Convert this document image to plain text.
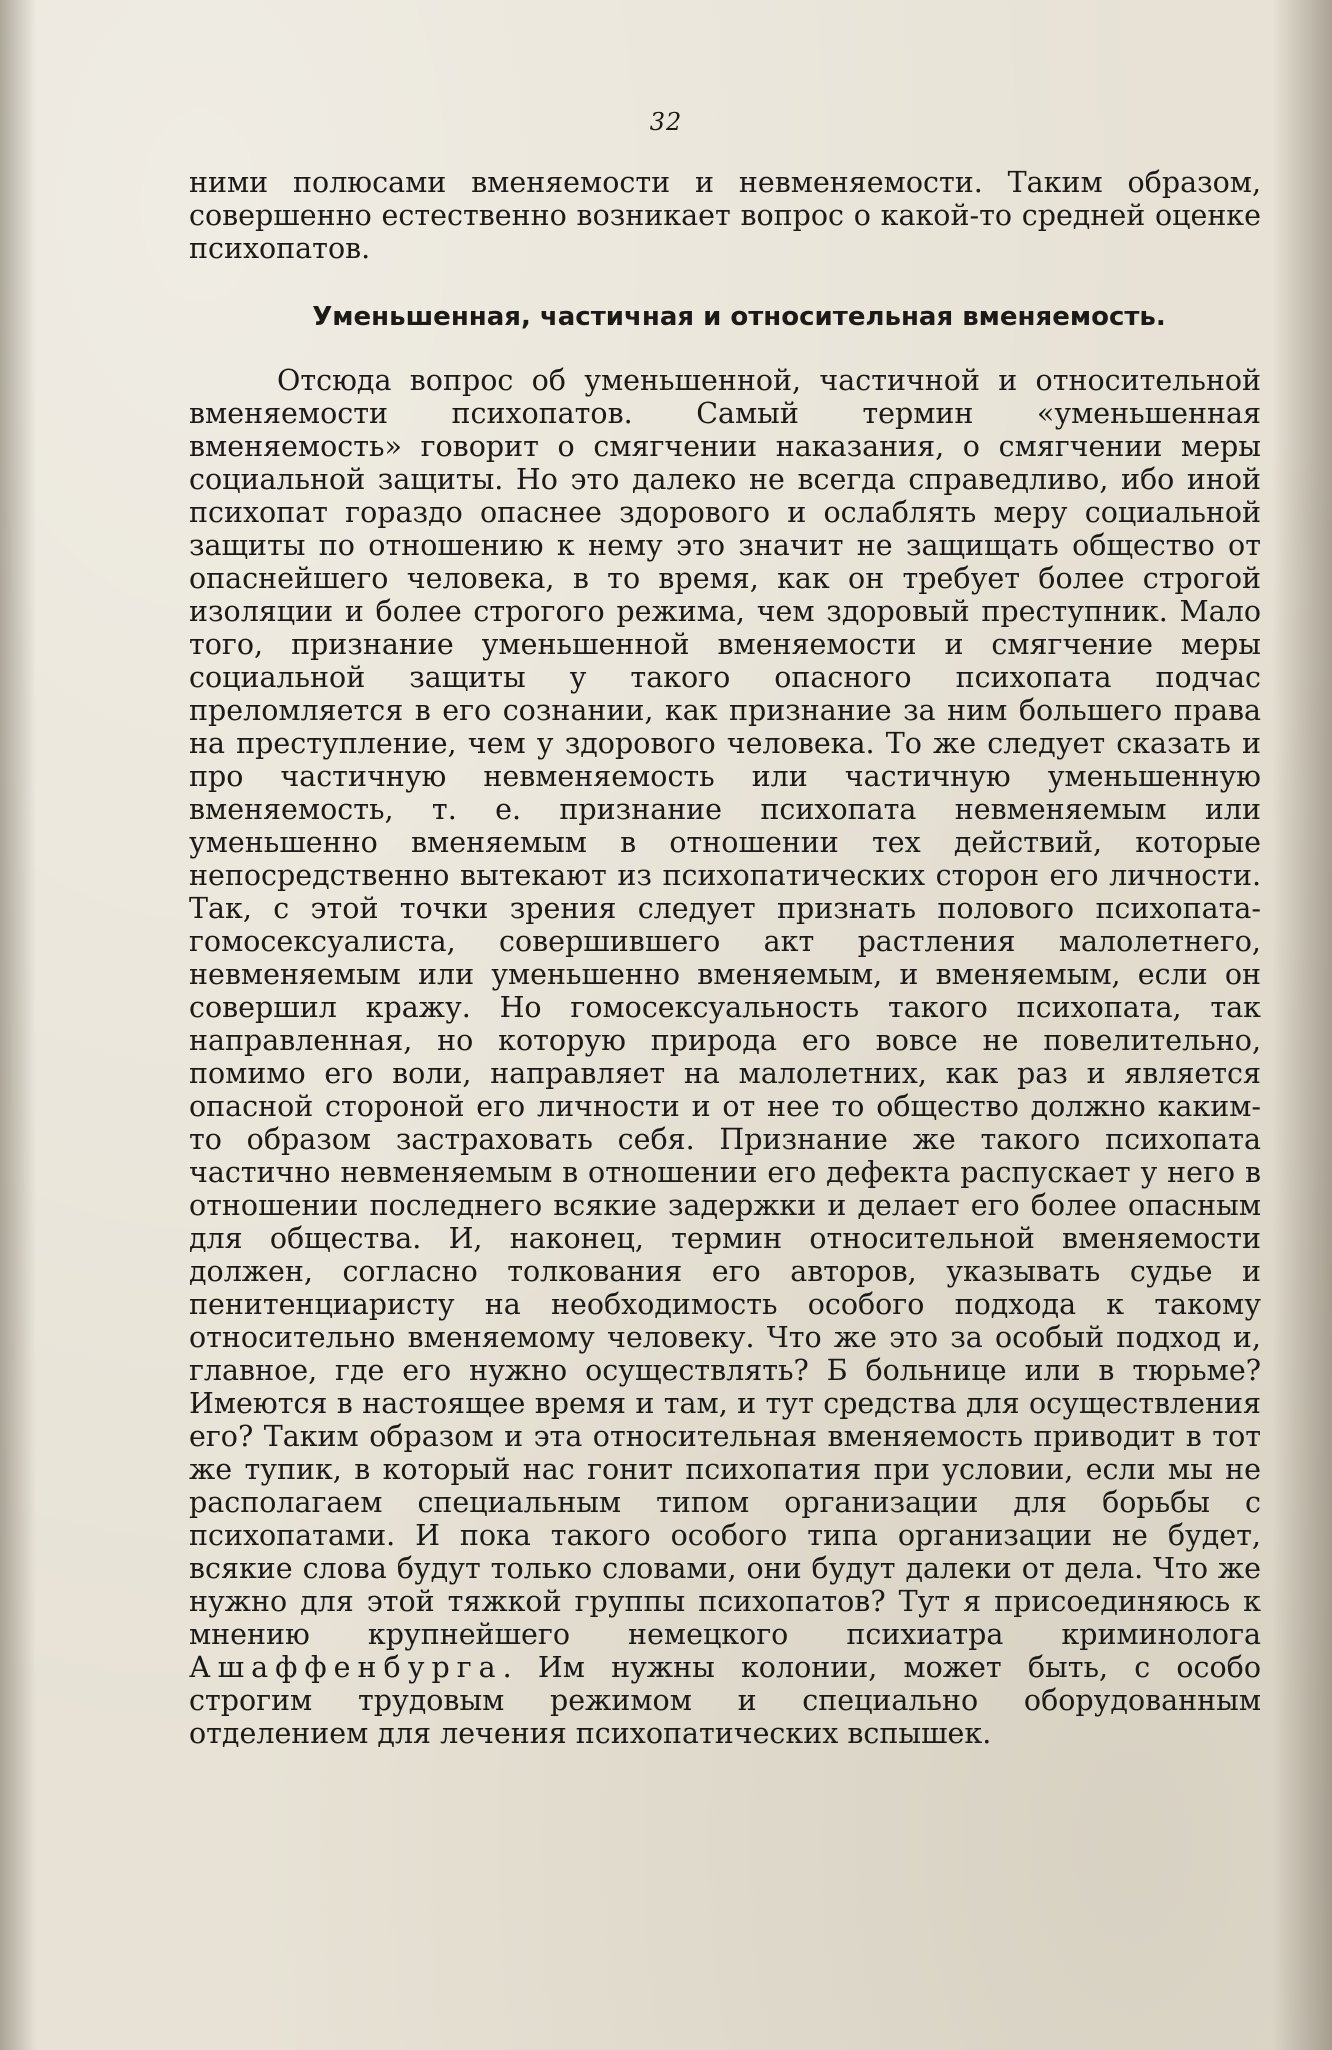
32

ними полюсами вменяемости и невменяемости. Таким образом, совершенно естественно возникает вопрос о какой-то средней оценке психопатов.

Уменьшенная, частичная и относительная вменяемость.

Отсюда вопрос об уменьшенной, частичной и относительной вменяемости психопатов. Самый термин «уменьшенная вменяемость» говорит о смягчении наказания, о смягчении меры социальной защиты. Но это далеко не всегда справедливо, ибо иной психопат гораздо опаснее здорового и ослаблять меру социальной защиты по отношению к нему это значит не защищать общество от опаснейшего человека, в то время, как он требует более строгой изоляции и более строгого режима, чем здоровый преступник. Мало того, признание уменьшенной вменяемости и смягчение меры социальной защиты у такого опасного психопата подчас преломляется в его сознании, как признание за ним большего права на преступление, чем у здорового человека. То же следует сказать и про частичную невменяемость или частичную уменьшенную вменяемость, т. е. признание психопата невменяемым или уменьшенно вменяемым в отношении тех действий, которые непосредственно вытекают из психопатических сторон его личности. Так, с этой точки зрения следует признать полового психопата-гомосексуалиста, совершившего акт растления малолетнего, невменяемым или уменьшенно вменяемым, и вменяемым, если он совершил кражу. Но гомосексуальность такого психопата, так направленная, но которую природа его вовсе не повелительно, помимо его воли, направляет на малолетних, как раз и является опасной стороной его личности и от нее то общество должно каким-то образом застраховать себя. Признание же такого психопата частично невменяемым в отношении его дефекта распускает у него в отношении последнего всякие задержки и делает его более опасным для общества. И, наконец, термин относительной вменяемости должен, согласно толкования его авторов, указывать судье и пенитенциаристу на необходимость особого подхода к такому относительно вменяемому человеку. Что же это за особый подход и, главное, где его нужно осуществлять? Б больнице или в тюрьме? Имеются в настоящее время и там, и тут средства для осуществления его? Таким образом и эта относительная вменяемость приводит в тот же тупик, в который нас гонит психопатия при условии, если мы не располагаем специальным типом организации для борьбы с психопатами. И пока такого особого типа организации не будет, всякие слова будут только словами, они будут далеки от дела. Что же нужно для этой тяжкой группы психопатов? Тут я присоединяюсь к мнению крупнейшего немецкого психиатра криминолога Ашаффенбурга. Им нужны колонии, может быть, с особо строгим трудовым режимом и специально оборудованным отделением для лечения психопатических вспышек.
